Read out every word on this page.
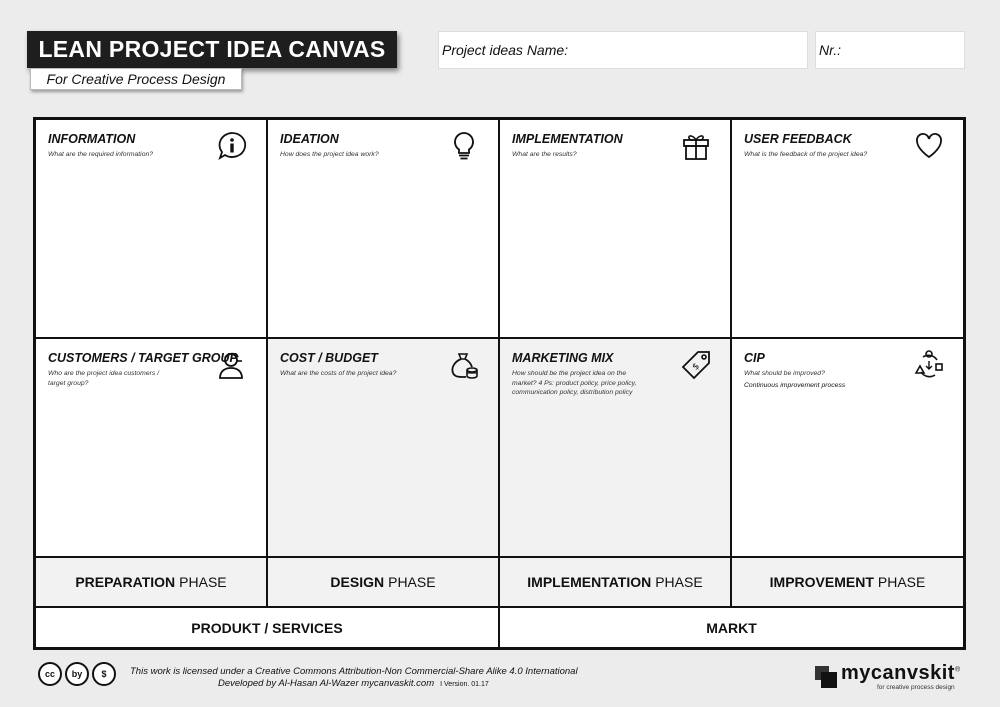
LEAN PROJECT IDEA CANVAS
For Creative Process Design
Project ideas Name:	Nr.:
INFORMATION
What are the required information?
IDEATION
How does the project idea work?
IMPLEMENTATION
What are the results?
USER FEEDBACK
What is the feedback of the project idea?
CUSTOMERS / TARGET GROUP
Who are the project idea customers / target group?
COST / BUDGET
What are the costs of the project idea?
MARKETING MIX
How should be the project idea on the market? 4 Ps: product policy, price policy, communication policy, distribution policy
$
CIP
What should be improved?
Continuous improvement process
PREPARATION PHASE	DESIGN PHASE	IMPLEMENTATION PHASE	IMPROVEMENT PHASE
PRODUKT / SERVICES	MARKT
cc	by	$	This work is licensed under a Creative Commons Attribution-Non Commercial-Share Alike 4.0 International
Developed by Al-Hasan Al-Wazer mycanvaskit.com I Version. 01.17
mycanvskit®
for creative process design
